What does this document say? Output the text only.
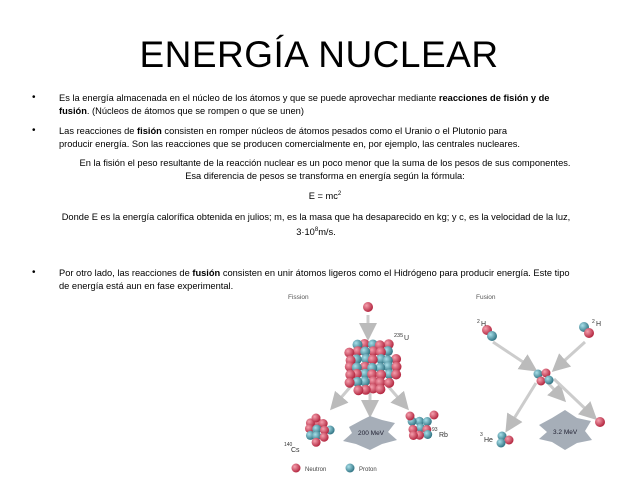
ENERGÍA NUCLEAR
•	Es la energía almacenada en el núcleo de los átomos y que se puede aprovechar mediante reacciones de fisión y de fusión. (Núcleos de átomos que se rompen o que se unen)
•	Las reacciones de fisión consisten en romper núcleos de átomos pesados como el Uranio o el Plutonio para producir energía. Son las reacciones que se producen comercialmente en, por ejemplo, las centrales nucleares.
En la fisión el peso resultante de la reacción nuclear es un poco menor que la suma de los pesos de sus componentes. Esa diferencia de pesos se transforma en energía según la fórmula:
$E = mc^2$
Donde E es la energía calorífica obtenida en julios; m, es la masa que ha desaparecido en kg; y c, es la velocidad de la luz, $3\cdot 10^8m/s$.
•	Por otro lado, las reacciones de fusión consisten en unir átomos ligeros como el Hidrógeno para producir energía. Este tipo de energía está aun en fase experimental.
Fission	Fusion
235 U
140
Cs
93
Rb
200 MeV
2 H	2 H
3
He
3.2 MeV
Neutron	Proton
